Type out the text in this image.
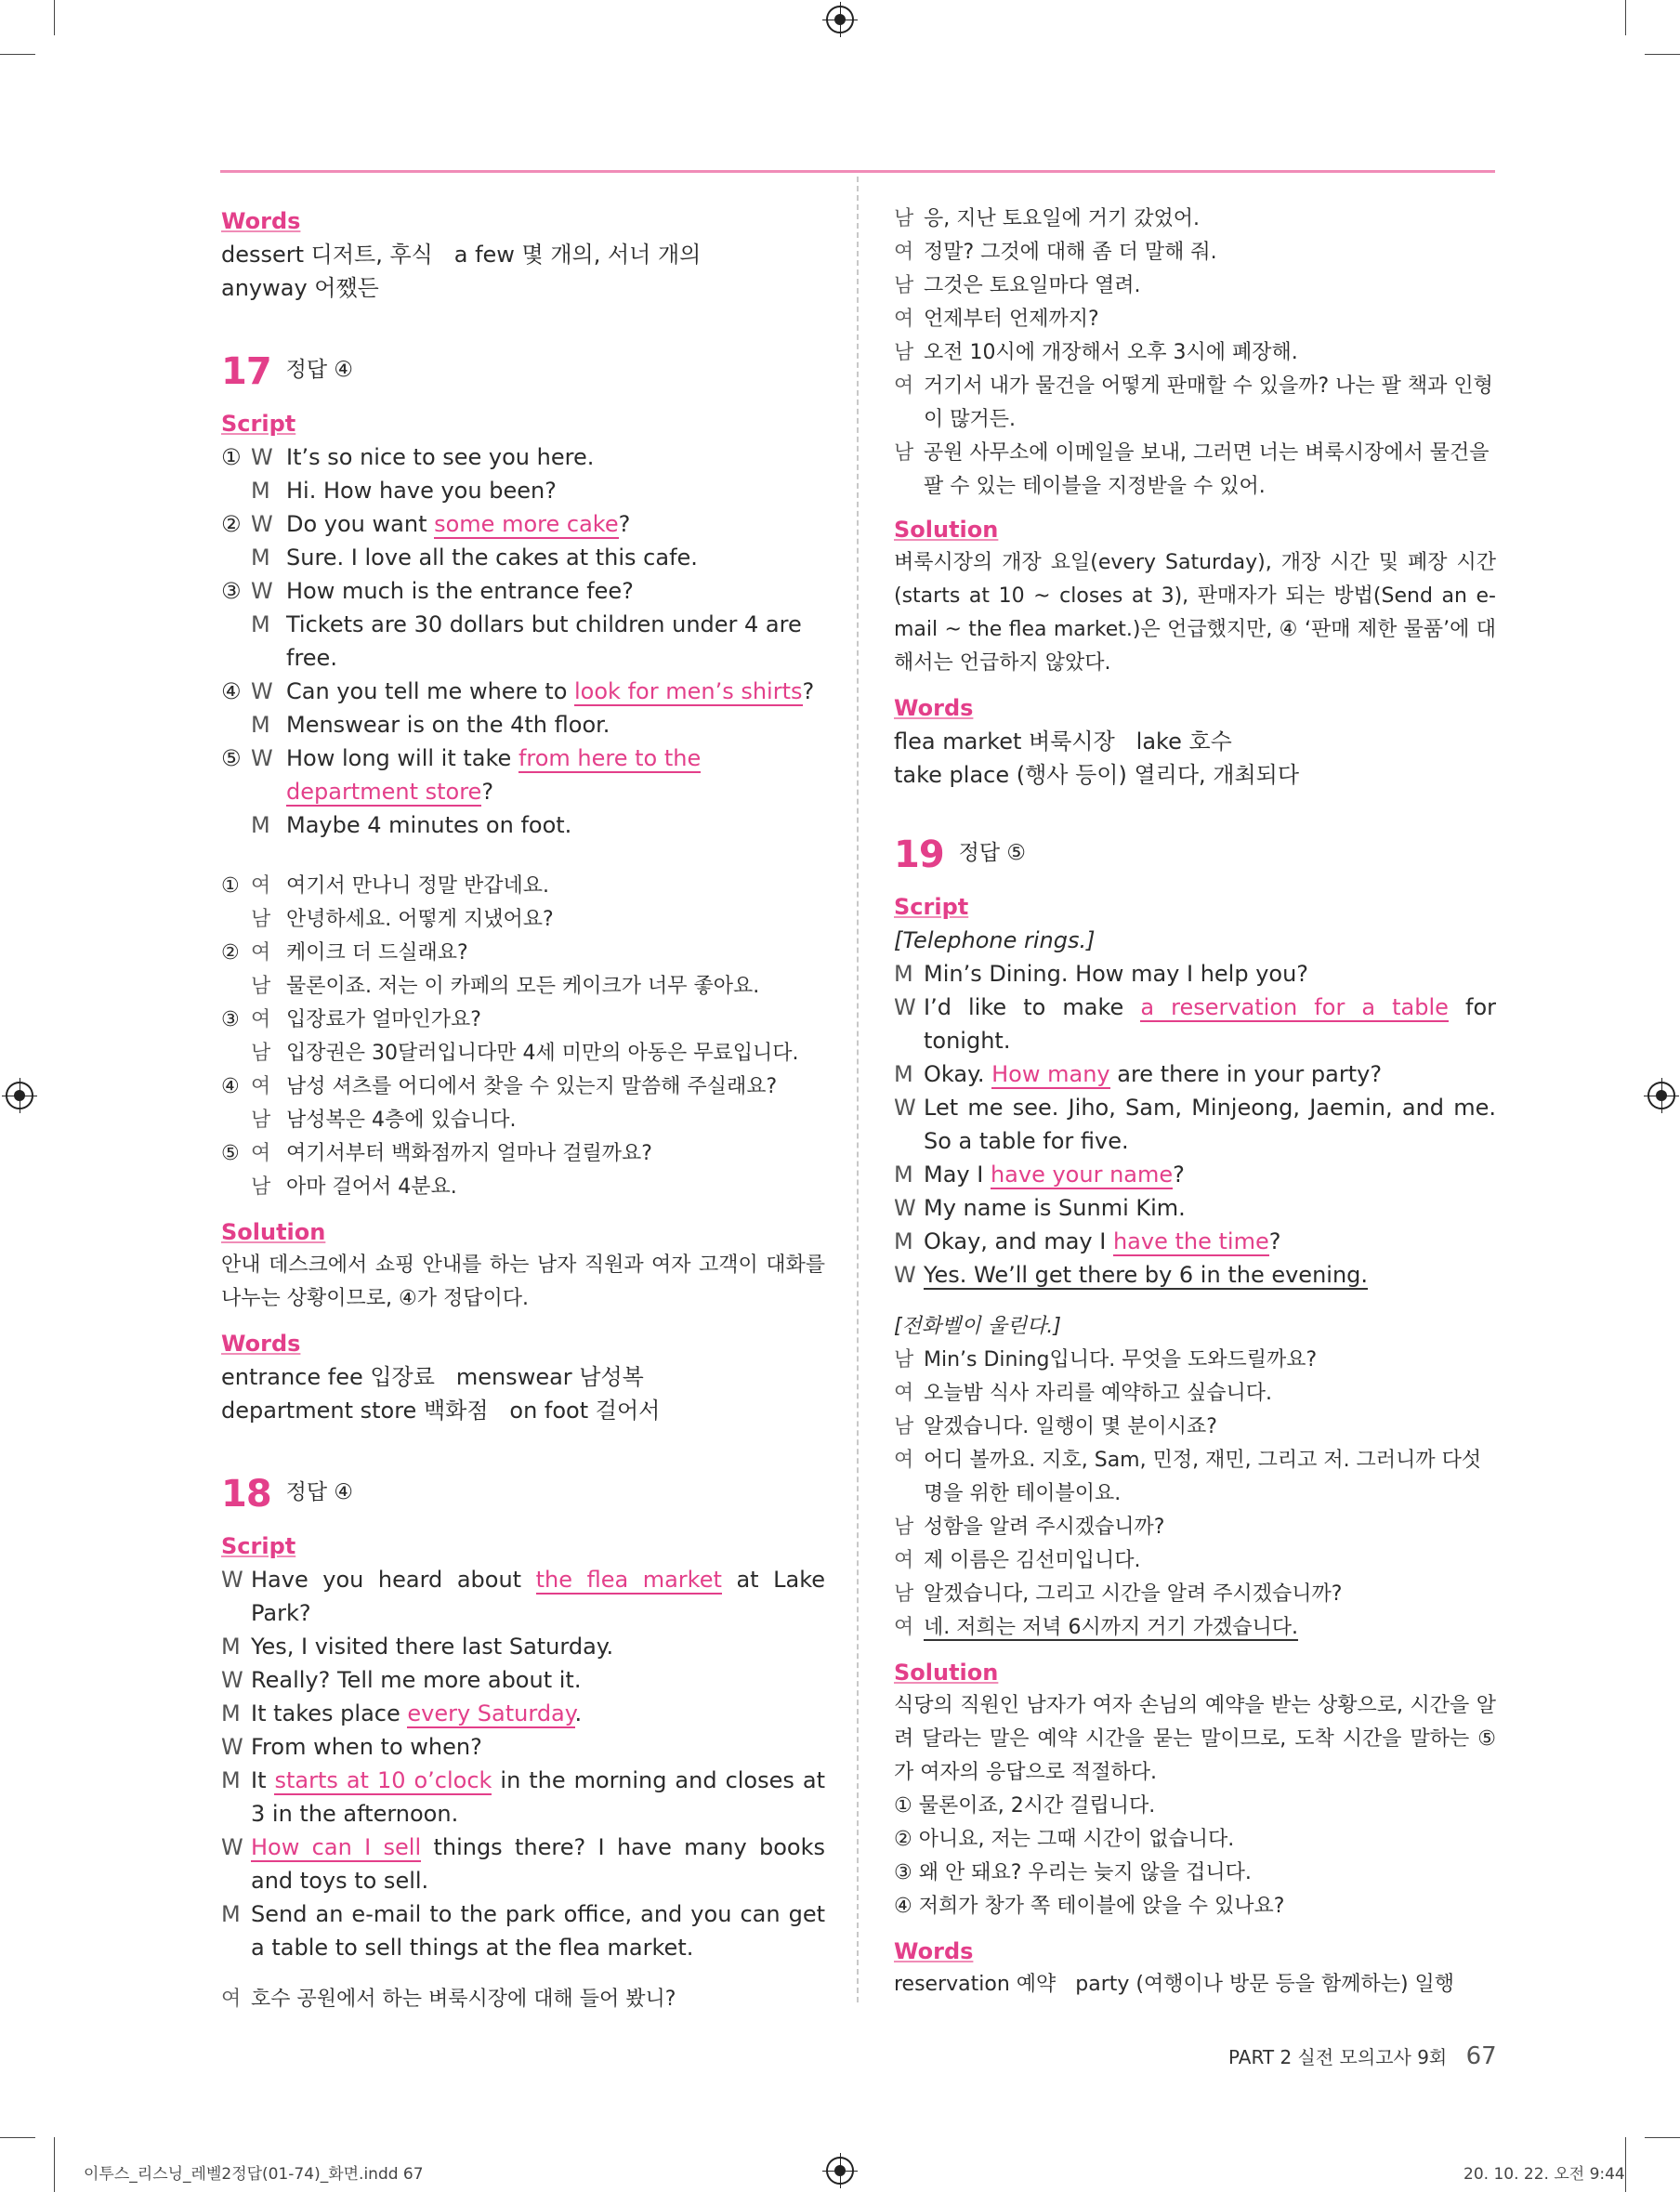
Words

dessert 디저트, 후식 a few 몇 개의, 서너 개의

anyway 어쨌든

17 정답 ④
Script

① W It’s so nice to see you here.

M Hi. How have you been?

② W Do you want some more cake?

M Sure. I love all the cakes at this cafe.

③ W How much is the entrance fee?

M Tickets are 30 dollars but children under 4 are free.

④ W Can you tell me where to look for men’s shirts?

M Menswear is on the 4th floor.

⑤ W How long will it take from here to the department store?

M Maybe 4 minutes on foot.

① 여 여기서 만나니 정말 반갑네요.

남 안녕하세요. 어떻게 지냈어요?

② 여 케이크 더 드실래요?

남 물론이죠. 저는 이 카페의 모든 케이크가 너무 좋아요.

③ 여 입장료가 얼마인가요?

남 입장권은 30달러입니다만 4세 미만의 아동은 무료입니다.

④ 여 남성 셔츠를 어디에서 찾을 수 있는지 말씀해 주실래요?

남 남성복은 4층에 있습니다.

⑤ 여 여기서부터 백화점까지 얼마나 걸릴까요?

남 아마 걸어서 4분요.

Solution

안내 데스크에서 쇼핑 안내를 하는 남자 직원과 여자 고객이 대화를 나누는 상황이므로, ④가 정답이다.

Words

entrance fee 입장료 menswear 남성복

department store 백화점 on foot 걸어서

18 정답 ④
Script

W Have you heard about the flea market at Lake Park?

M Yes, I visited there last Saturday.

W Really? Tell me more about it.

M It takes place every Saturday.

W From when to when?

M It starts at 10 o’clock in the morning and closes at 3 in the afternoon.

W How can I sell things there? I have many books and toys to sell.

M Send an e-mail to the park office, and you can get a table to sell things at the flea market.

여 호수 공원에서 하는 벼룩시장에 대해 들어 봤니?

남 응, 지난 토요일에 거기 갔었어.

여 정말? 그것에 대해 좀 더 말해 줘.

남 그것은 토요일마다 열려.

여 언제부터 언제까지?

남 오전 10시에 개장해서 오후 3시에 폐장해.

여 거기서 내가 물건을 어떻게 판매할 수 있을까? 나는 팔 책과 인형이 많거든.

남 공원 사무소에 이메일을 보내, 그러면 너는 벼룩시장에서 물건을 팔 수 있는 테이블을 지정받을 수 있어.

Solution

벼룩시장의 개장 요일(every Saturday), 개장 시간 및 폐장 시간(starts at 10 ~ closes at 3), 판매자가 되는 방법(Send an e-mail ~ the flea market.)은 언급했지만, ④ ‘판매 제한 물품’에 대해서는 언급하지 않았다.

Words

flea market 벼룩시장 lake 호수

take place (행사 등이) 열리다, 개최되다

19 정답 ⑤
Script

[Telephone rings.]

M Min’s Dining. How may I help you?

W I’d like to make a reservation for a table for tonight.

M Okay. How many are there in your party?

W Let me see. Jiho, Sam, Minjeong, Jaemin, and me. So a table for five.

M May I have your name?

W My name is Sunmi Kim.

M Okay, and may I have the time?

W Yes. We’ll get there by 6 in the evening.

[전화벨이 울린다.]

남 Min’s Dining입니다. 무엇을 도와드릴까요?

여 오늘밤 식사 자리를 예약하고 싶습니다.

남 알겠습니다. 일행이 몇 분이시죠?

여 어디 볼까요. 지호, Sam, 민정, 재민, 그리고 저. 그러니까 다섯 명을 위한 테이블이요.

남 성함을 알려 주시겠습니까?

여 제 이름은 김선미입니다.

남 알겠습니다, 그리고 시간을 알려 주시겠습니까?

여 네. 저희는 저녁 6시까지 거기 가겠습니다.

Solution

식당의 직원인 남자가 여자 손님의 예약을 받는 상황으로, 시간을 알려 달라는 말은 예약 시간을 묻는 말이므로, 도착 시간을 말하는 ⑤가 여자의 응답으로 적절하다.

① 물론이죠, 2시간 걸립니다.

② 아니요, 저는 그때 시간이 없습니다.

③ 왜 안 돼요? 우리는 늦지 않을 겁니다.

④ 저희가 창가 쪽 테이블에 앉을 수 있나요?

Words

reservation 예약 party (여행이나 방문 등을 함께하는) 일행

PART 2 실전 모의고사 9회 67
이투스_리스닝_레벨2정답(01-74)_화면.indd 67	20. 10. 22. 오전 9:44
